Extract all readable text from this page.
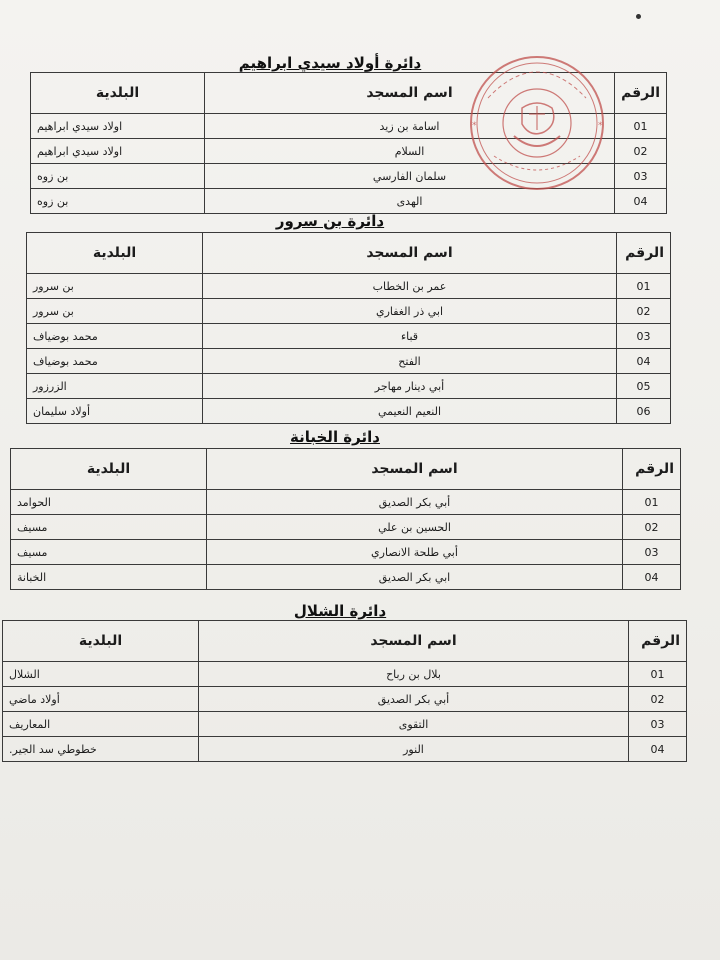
دائرة أولاد سيدي ابراهيم
الرقم	اسم المسجد	البلدية
01	اسامة بن زيد	اولاد سيدي ابراهيم
02	السلام	اولاد سيدي ابراهيم
03	سلمان الفارسي	بن زوه
04	الهدى	بن زوه
دائرة بن سرور
الرقم	اسم المسجد	البلدية
01	عمر بن الخطاب	بن سرور
02	ابي ذر الغفاري	بن سرور
03	قباء	محمد بوضياف
04	الفتح	محمد بوضياف
05	أبي دينار مهاجر	الزرزور
06	النعيم النعيمي	أولاد سليمان
دائرة الخبانة
الرقم	اسم المسجد	البلدية
01	أبي بكر الصديق	الحوامد
02	الحسين بن علي	مسيف
03	أبي طلحة الانصاري	مسيف
04	ابي بكر الصديق	الخبانة
دائرة الشلال
الرقم	اسم المسجد	البلدية
01	بلال بن رباح	الشلال
02	أبي بكر الصديق	أولاد ماضي
03	التقوى	المعاريف
04	النور	خطوطي سد الجير.
*
*
